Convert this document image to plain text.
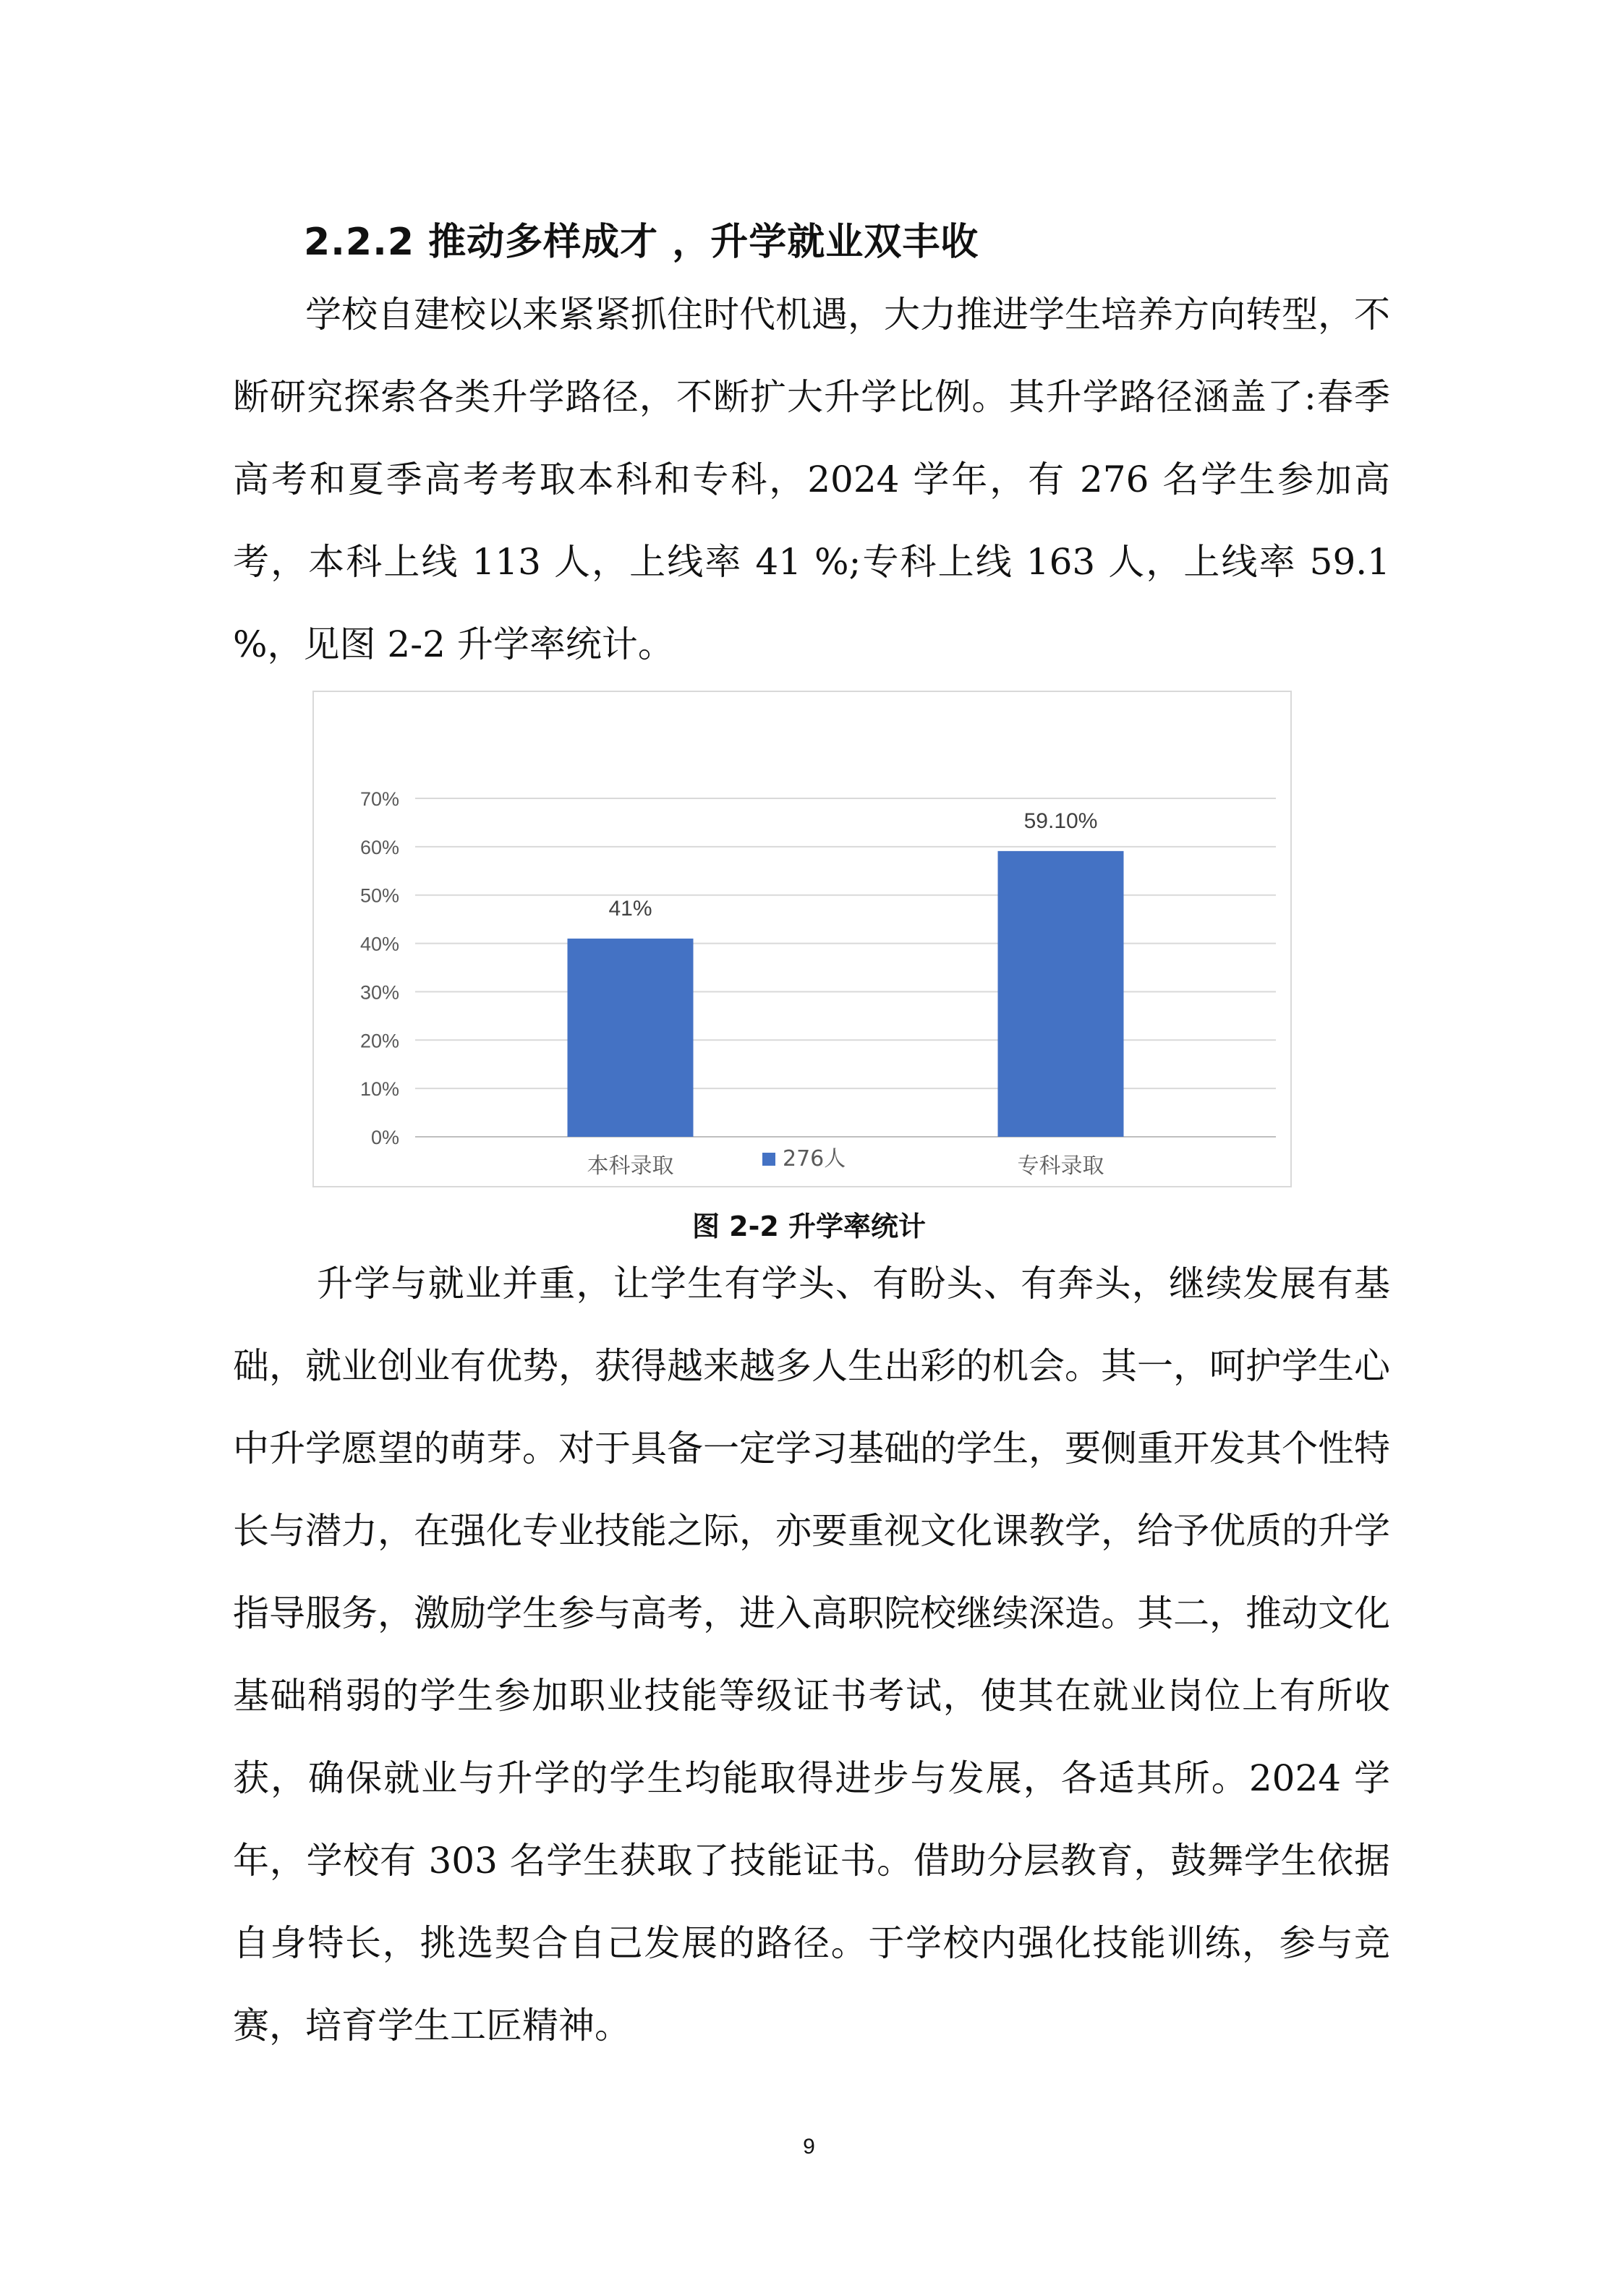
2.2.2 推动多样成才 ，升学就业双丰收

学校自建校以来紧紧抓住时代机遇，大力推进学生培养方向转型，不断研究探索各类升学路径，不断扩大升学比例。其升学路径涵盖了:春季高考和夏季高考考取本科和专科，2024 学年，有 276 名学生参加高考，本科上线 113 人，上线率 41 %;专科上线 163 人，上线率 59.1 %，见图 2-2 升学率统计。

0%
10%
20%
30%
40%
50%
60%
70%
41%
本科录取
59.10%
专科录取
276人

图 2-2 升学率统计

升学与就业并重，让学生有学头、有盼头、有奔头，继续发展有基础，就业创业有优势，获得越来越多人生出彩的机会。其一，呵护学生心中升学愿望的萌芽。对于具备一定学习基础的学生，要侧重开发其个性特长与潜力，在强化专业技能之际，亦要重视文化课教学，给予优质的升学指导服务，激励学生参与高考，进入高职院校继续深造。其二，推动文化基础稍弱的学生参加职业技能等级证书考试，使其在就业岗位上有所收获，确保就业与升学的学生均能取得进步与发展，各适其所。2024 学年，学校有 303 名学生获取了技能证书。借助分层教育，鼓舞学生依据自身特长，挑选契合自己发展的路径。于学校内强化技能训练，参与竞赛，培育学生工匠精神。

9
